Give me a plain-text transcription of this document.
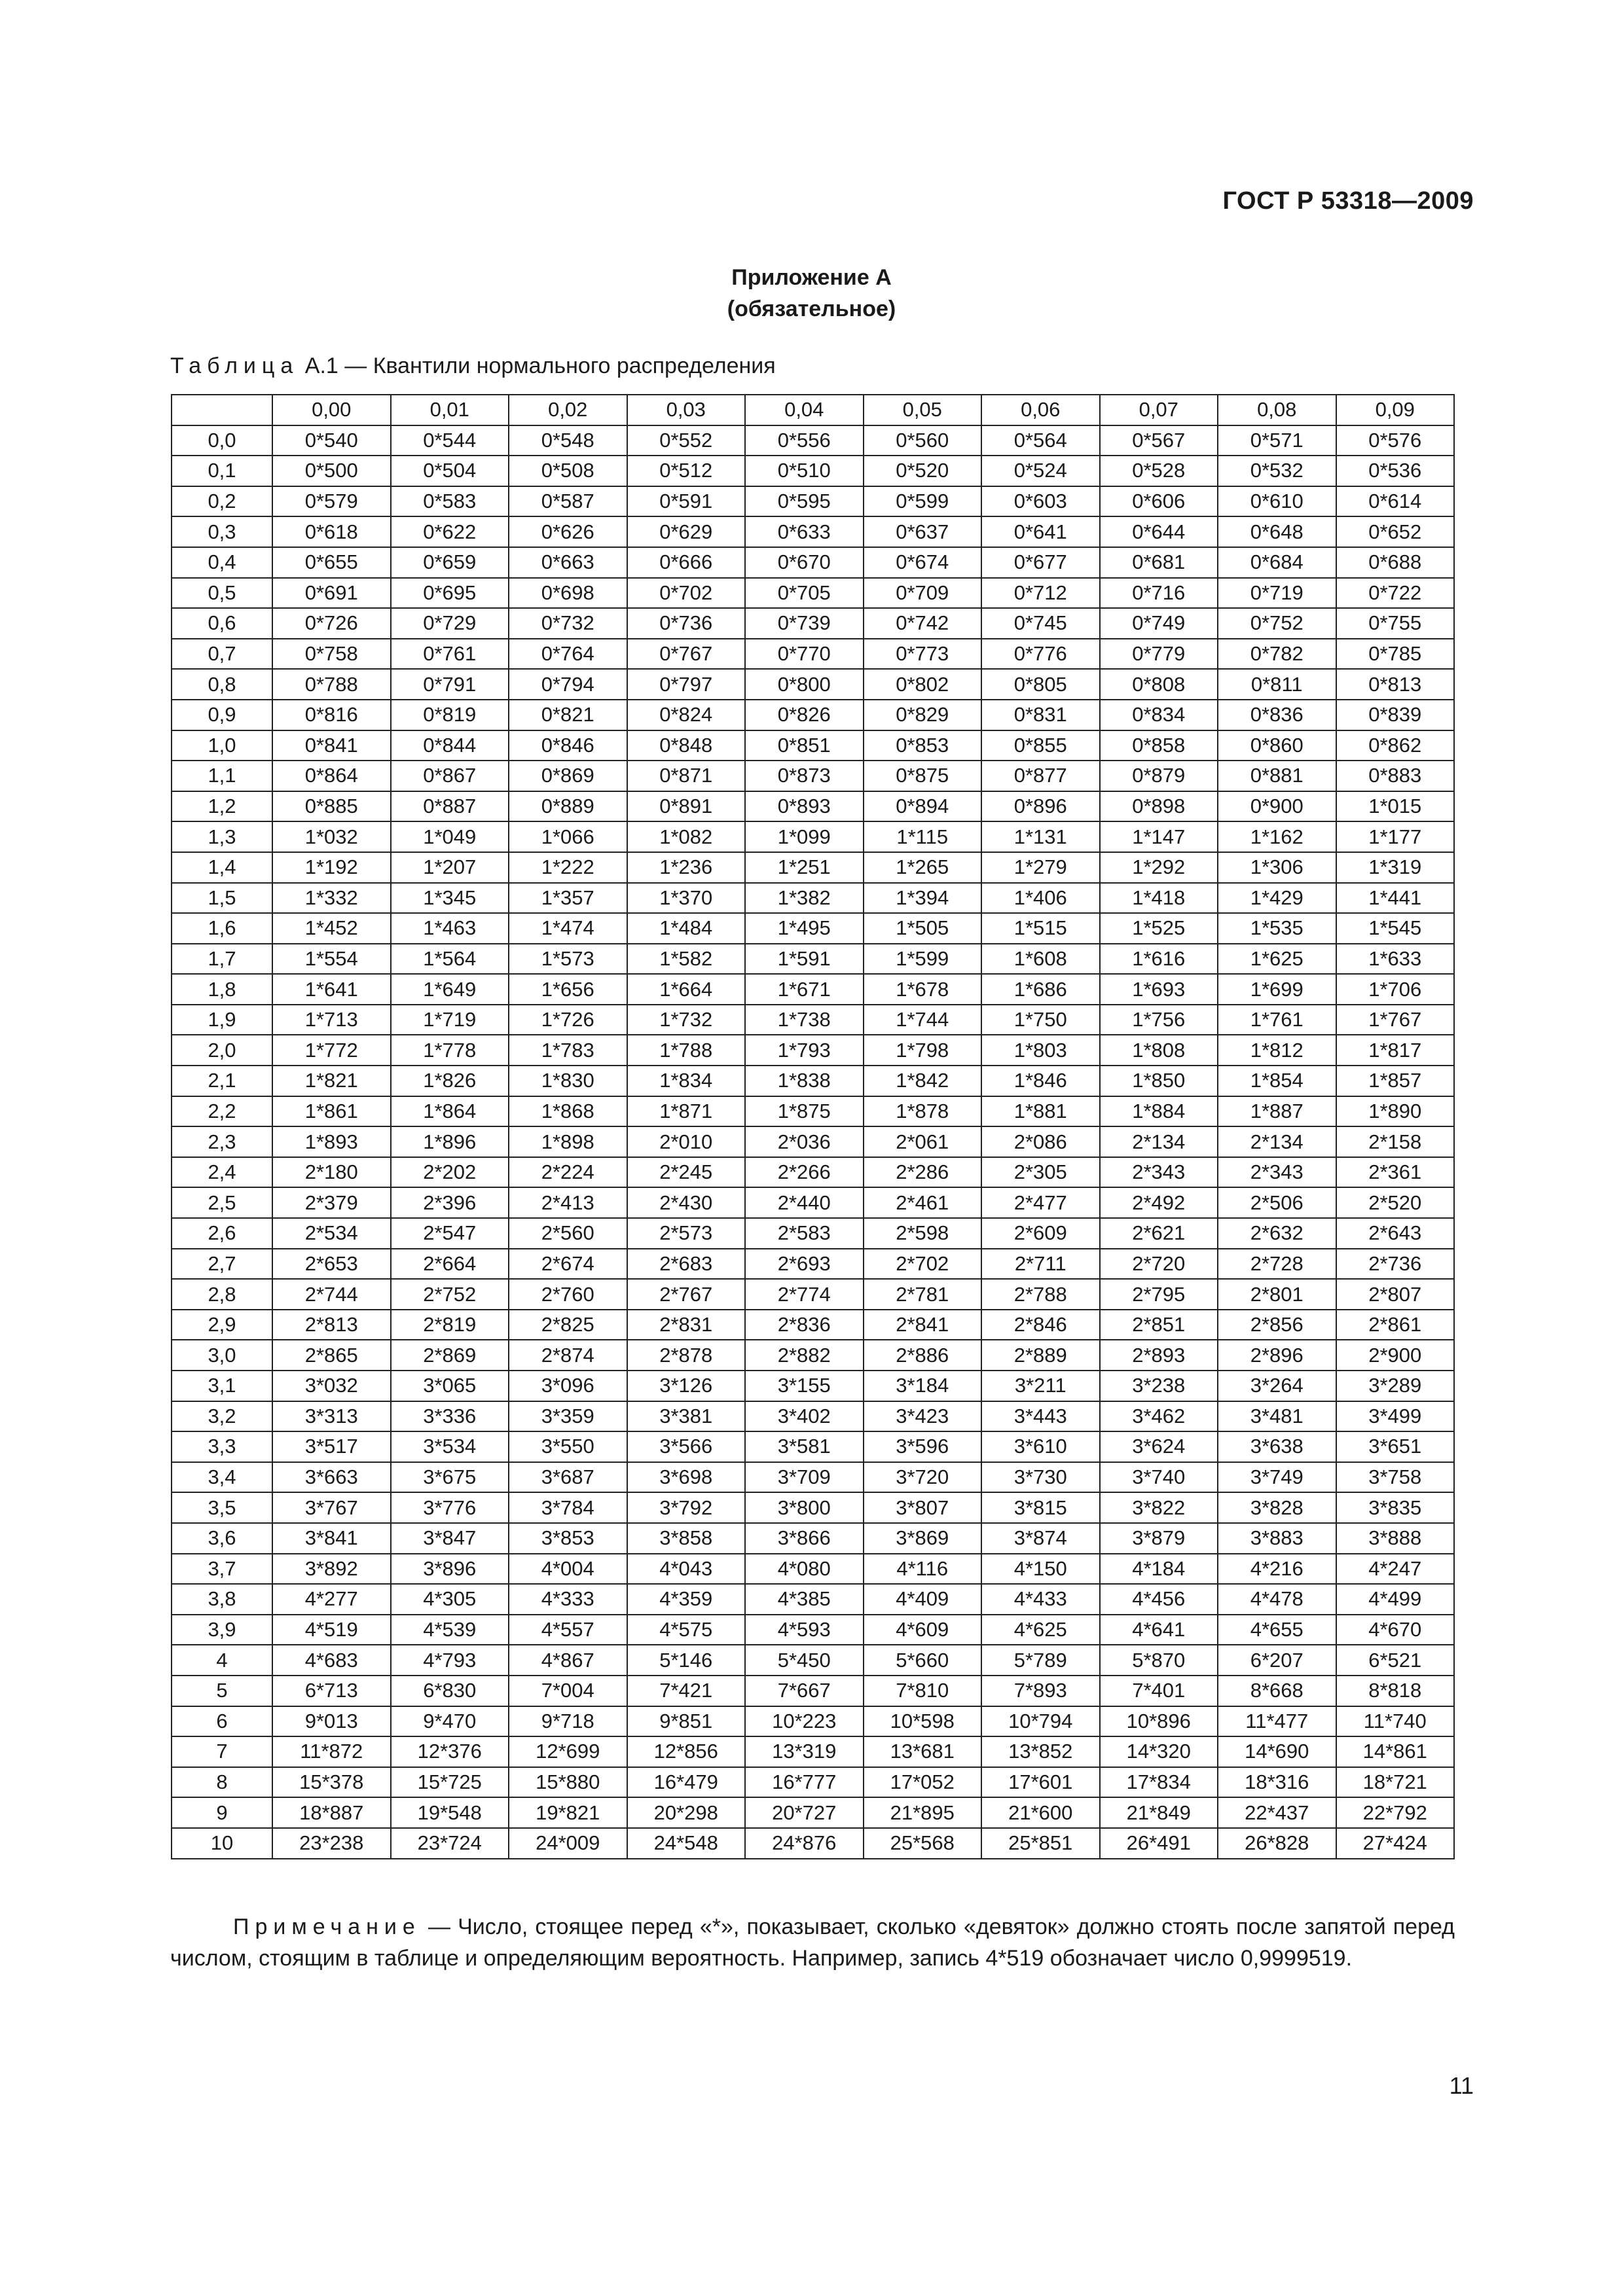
ГОСТ Р 53318—2009
Приложение А
(обязательное)
Таблица А.1 — Квантили нормального распределения
	0,00	0,01	0,02	0,03	0,04	0,05	0,06	0,07	0,08	0,09
0,0	0*540	0*544	0*548	0*552	0*556	0*560	0*564	0*567	0*571	0*576
0,1	0*500	0*504	0*508	0*512	0*510	0*520	0*524	0*528	0*532	0*536
0,2	0*579	0*583	0*587	0*591	0*595	0*599	0*603	0*606	0*610	0*614
0,3	0*618	0*622	0*626	0*629	0*633	0*637	0*641	0*644	0*648	0*652
0,4	0*655	0*659	0*663	0*666	0*670	0*674	0*677	0*681	0*684	0*688
0,5	0*691	0*695	0*698	0*702	0*705	0*709	0*712	0*716	0*719	0*722
0,6	0*726	0*729	0*732	0*736	0*739	0*742	0*745	0*749	0*752	0*755
0,7	0*758	0*761	0*764	0*767	0*770	0*773	0*776	0*779	0*782	0*785
0,8	0*788	0*791	0*794	0*797	0*800	0*802	0*805	0*808	0*811	0*813
0,9	0*816	0*819	0*821	0*824	0*826	0*829	0*831	0*834	0*836	0*839
1,0	0*841	0*844	0*846	0*848	0*851	0*853	0*855	0*858	0*860	0*862
1,1	0*864	0*867	0*869	0*871	0*873	0*875	0*877	0*879	0*881	0*883
1,2	0*885	0*887	0*889	0*891	0*893	0*894	0*896	0*898	0*900	1*015
1,3	1*032	1*049	1*066	1*082	1*099	1*115	1*131	1*147	1*162	1*177
1,4	1*192	1*207	1*222	1*236	1*251	1*265	1*279	1*292	1*306	1*319
1,5	1*332	1*345	1*357	1*370	1*382	1*394	1*406	1*418	1*429	1*441
1,6	1*452	1*463	1*474	1*484	1*495	1*505	1*515	1*525	1*535	1*545
1,7	1*554	1*564	1*573	1*582	1*591	1*599	1*608	1*616	1*625	1*633
1,8	1*641	1*649	1*656	1*664	1*671	1*678	1*686	1*693	1*699	1*706
1,9	1*713	1*719	1*726	1*732	1*738	1*744	1*750	1*756	1*761	1*767
2,0	1*772	1*778	1*783	1*788	1*793	1*798	1*803	1*808	1*812	1*817
2,1	1*821	1*826	1*830	1*834	1*838	1*842	1*846	1*850	1*854	1*857
2,2	1*861	1*864	1*868	1*871	1*875	1*878	1*881	1*884	1*887	1*890
2,3	1*893	1*896	1*898	2*010	2*036	2*061	2*086	2*134	2*134	2*158
2,4	2*180	2*202	2*224	2*245	2*266	2*286	2*305	2*343	2*343	2*361
2,5	2*379	2*396	2*413	2*430	2*440	2*461	2*477	2*492	2*506	2*520
2,6	2*534	2*547	2*560	2*573	2*583	2*598	2*609	2*621	2*632	2*643
2,7	2*653	2*664	2*674	2*683	2*693	2*702	2*711	2*720	2*728	2*736
2,8	2*744	2*752	2*760	2*767	2*774	2*781	2*788	2*795	2*801	2*807
2,9	2*813	2*819	2*825	2*831	2*836	2*841	2*846	2*851	2*856	2*861
3,0	2*865	2*869	2*874	2*878	2*882	2*886	2*889	2*893	2*896	2*900
3,1	3*032	3*065	3*096	3*126	3*155	3*184	3*211	3*238	3*264	3*289
3,2	3*313	3*336	3*359	3*381	3*402	3*423	3*443	3*462	3*481	3*499
3,3	3*517	3*534	3*550	3*566	3*581	3*596	3*610	3*624	3*638	3*651
3,4	3*663	3*675	3*687	3*698	3*709	3*720	3*730	3*740	3*749	3*758
3,5	3*767	3*776	3*784	3*792	3*800	3*807	3*815	3*822	3*828	3*835
3,6	3*841	3*847	3*853	3*858	3*866	3*869	3*874	3*879	3*883	3*888
3,7	3*892	3*896	4*004	4*043	4*080	4*116	4*150	4*184	4*216	4*247
3,8	4*277	4*305	4*333	4*359	4*385	4*409	4*433	4*456	4*478	4*499
3,9	4*519	4*539	4*557	4*575	4*593	4*609	4*625	4*641	4*655	4*670
4	4*683	4*793	4*867	5*146	5*450	5*660	5*789	5*870	6*207	6*521
5	6*713	6*830	7*004	7*421	7*667	7*810	7*893	7*401	8*668	8*818
6	9*013	9*470	9*718	9*851	10*223	10*598	10*794	10*896	11*477	11*740
7	11*872	12*376	12*699	12*856	13*319	13*681	13*852	14*320	14*690	14*861
8	15*378	15*725	15*880	16*479	16*777	17*052	17*601	17*834	18*316	18*721
9	18*887	19*548	19*821	20*298	20*727	21*895	21*600	21*849	22*437	22*792
10	23*238	23*724	24*009	24*548	24*876	25*568	25*851	26*491	26*828	27*424
Примечание — Число, стоящее перед «*», показывает, сколько «девяток» должно стоять после запятой перед числом, стоящим в таблице и определяющим вероятность. Например, запись 4*519 обозначает число 0,9999519.
11
